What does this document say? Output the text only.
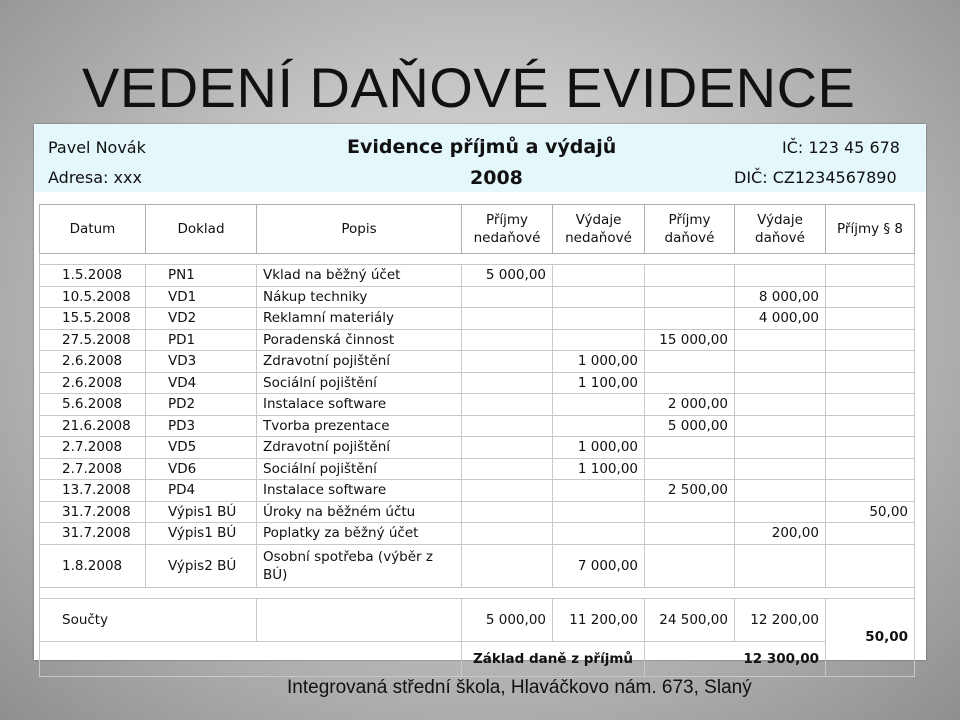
VEDENÍ DAŇOVÉ EVIDENCE
Pavel Novák
Adresa: xxx
Evidence příjmů a výdajů
2008
IČ: 123 45 678
DIČ: CZ1234567890
Datum	Doklad	Popis	Příjmy nedaňové	Výdaje nedaňové	Příjmy daňové	Výdaje daňové	Příjmy § 8

1.5.2008	PN1	Vklad na běžný účet	5 000,00				
10.5.2008	VD1	Nákup techniky				8 000,00	
15.5.2008	VD2	Reklamní materiály				4 000,00	
27.5.2008	PD1	Poradenská činnost			15 000,00		
2.6.2008	VD3	Zdravotní pojištění		1 000,00			
2.6.2008	VD4	Sociální pojištění		1 100,00			
5.6.2008	PD2	Instalace software			2 000,00		
21.6.2008	PD3	Tvorba prezentace			5 000,00		
2.7.2008	VD5	Zdravotní pojištění		1 000,00			
2.7.2008	VD6	Sociální pojištění		1 100,00			
13.7.2008	PD4	Instalace software			2 500,00		
31.7.2008	Výpis1 BÚ	Úroky na běžném účtu					50,00
31.7.2008	Výpis1 BÚ	Poplatky za běžný účet				200,00	
1.8.2008	Výpis2 BÚ	Osobní spotřeba (výběr z BÚ)		7 000,00			

Součty			5 000,00	11 200,00	24 500,00	12 200,00	50,00
			Základ daně z příjmů		12 300,00		
Integrovaná střední škola, Hlaváčkovo nám. 673, Slaný
